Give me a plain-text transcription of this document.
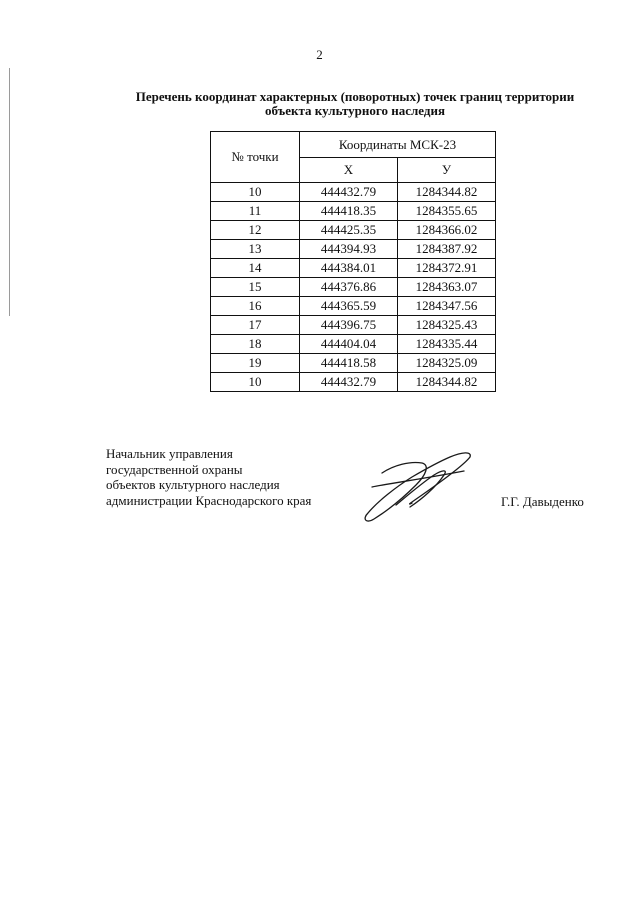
2
Перечень координат характерных (поворотных) точек границ территории
объекта культурного наследия
№ точки	Координаты МСК-23	
	Х	У
10	444432.79	1284344.82
11	444418.35	1284355.65
12	444425.35	1284366.02
13	444394.93	1284387.92
14	444384.01	1284372.91
15	444376.86	1284363.07
16	444365.59	1284347.56
17	444396.75	1284325.43
18	444404.04	1284335.44
19	444418.58	1284325.09
10	444432.79	1284344.82
Начальник управления
государственной охраны
объектов культурного наследия
администрации Краснодарского края	Г.Г. Давыденко
